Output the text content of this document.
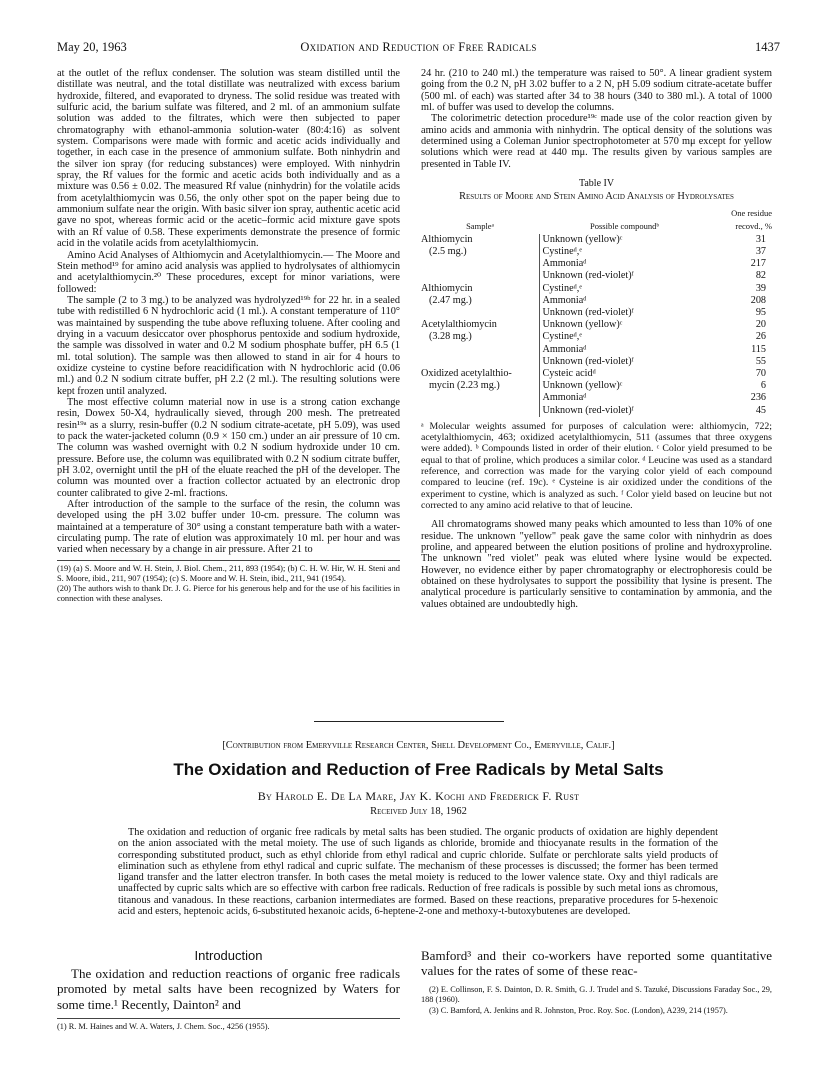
May 20, 1963	Oxidation and Reduction of Free Radicals	1437

at the outlet of the reflux condenser. The solution was steam distilled until the distillate was neutral, and the total distillate was neutralized with excess barium hydroxide, filtered, and evaporated to dryness. The solid residue was treated with sulfuric acid, the barium sulfate was filtered, and 2 ml. of an ammonium sulfate solution was added to the filtrates, which were then subjected to paper chromatography with ethanol-ammonia solution-water (80:4:16) as solvent system. Comparisons were made with formic and acetic acids individually and together, in each case in the presence of ammonium sulfate. Both ninhydrin and the silver ion spray (for reducing substances) were employed. With ninhydrin spray, the Rf values for the formic and acetic acids both individually and as a mixture was 0.56 ± 0.02. The measured Rf value (ninhydrin) for the volatile acids from acetylalthiomycin was 0.56, the only other spot on the paper being due to ammonium sulfate near the origin. With basic silver ion spray, authentic acetic acid gave no spot, whereas formic acid or the acetic–formic acid mixture gave spots with an Rf value of 0.58. These experiments demonstrate the presence of formic acid in the volatile acids from acetylalthiomycin.

Amino Acid Analyses of Althiomycin and Acetylalthiomycin.— The Moore and Stein method¹⁹ for amino acid analysis was applied to hydrolysates of althiomycin and acetylalthiomycin.²⁰ These procedures, except for minor variations, were followed:

The sample (2 to 3 mg.) to be analyzed was hydrolyzed¹⁹ᵇ for 22 hr. in a sealed tube with redistilled 6 N hydrochloric acid (1 ml.). A constant temperature of 110° was maintained by suspending the tube above refluxing toluene. After cooling and drying in a vacuum desiccator over phosphorus pentoxide and sodium hydroxide, the sample was dissolved in water and 0.2 M sodium phosphate buffer, pH 6.5 (1 ml. total solution). The sample was then allowed to stand in air for 4 hours to oxidize cysteine to cystine before reacidification with N hydrochloric acid (0.06 ml.) and 0.2 N sodium citrate buffer, pH 2.2 (2 ml.). The resulting solutions were kept frozen until analyzed.

The most effective column material now in use is a strong cation exchange resin, Dowex 50-X4, hydraulically sieved, through 200 mesh. The pretreated resin¹⁹ᵃ as a slurry, resin-buffer (0.2 N sodium citrate-acetate, pH 5.09), was used to pack the water-jacketed column (0.9 × 150 cm.) under an air pressure of 10 cm. The column was washed overnight with 0.2 N sodium hydroxide under 10 cm. pressure. Before use, the column was equilibrated with 0.2 N sodium citrate buffer, pH 3.02, overnight until the pH of the eluate reached the pH of the developer. The column was mounted over a fraction collector actuated by an electronic drop counter calibrated to give 2-ml. fractions.

After introduction of the sample to the surface of the resin, the column was developed using the pH 3.02 buffer under 10-cm. pressure. The column was maintained at a temperature of 30° using a constant temperature bath with a water-circulating pump. The rate of elution was approximately 10 ml. per hour and was varied when necessary by a change in air pressure. After 21 to

(19) (a) S. Moore and W. H. Stein, J. Biol. Chem., 211, 893 (1954); (b) C. H. W. Hir, W. H. Steni and S. Moore, ibid., 211, 907 (1954); (c) S. Moore and W. H. Stein, ibid., 211, 941 (1954).

(20) The authors wish to thank Dr. J. G. Pierce for his generous help and for the use of his facilities in connection with these analyses.

24 hr. (210 to 240 ml.) the temperature was raised to 50°. A linear gradient system going from the 0.2 N, pH 3.02 buffer to a 2 N, pH 5.09 sodium citrate-acetate buffer (500 ml. of each) was started after 34 to 38 hours (340 to 380 ml.). A total of 1000 ml. of buffer was used to develop the columns.

The colorimetric detection procedure¹⁹ᶜ made use of the color reaction given by amino acids and ammonia with ninhydrin. The optical density of the solutions was determined using a Coleman Junior spectrophotometer at 570 mμ except for yellow solutions which were read at 440 mμ. The results given by various samples are presented in Table IV.

Table IV
Results of Moore and Stein Amino Acid Analysis of Hydrolysates
Sampleᵃ	Possible compoundᵇ	One residue recovd., %
Althiomycin	Unknown (yellow)ᶜ	31
(2.5 mg.)	Cystineᵈ,ᵉ	37
	Ammoniaᵈ	217
	Unknown (red-violet)ᶠ	82
Althiomycin	Cystineᵈ,ᵉ	39
(2.47 mg.)	Ammoniaᵈ	208
	Unknown (red-violet)ᶠ	95
Acetylalthiomycin	Unknown (yellow)ᶜ	20
(3.28 mg.)	Cystineᵈ,ᵉ	26
	Ammoniaᵈ	115
	Unknown (red-violet)ᶠ	55
Oxidized acetylalthio-	Cysteic acidᵈ	70
mycin (2.23 mg.)	Unknown (yellow)ᶜ	6
	Ammoniaᵈ	236
	Unknown (red-violet)ᶠ	45
ᵃ Molecular weights assumed for purposes of calculation were: althiomycin, 722; acetylalthiomycin, 463; oxidized acetylalthiomycin, 511 (assumes that three oxygens were added). ᵇ Compounds listed in order of their elution. ᶜ Color yield presumed to be equal to that of proline, which produces a similar color. ᵈ Leucine was used as a standard reference, and correction was made for the varying color yield of each compound compared to leucine (ref. 19c). ᵉ Cysteine is air oxidized under the conditions of the experiment to cystine, which is analyzed as such. ᶠ Color yield based on leucine but not corrected to any amino acid relative to that of leucine.

All chromatograms showed many peaks which amounted to less than 10% of one residue. The unknown "yellow" peak gave the same color with ninhydrin as does proline, and appeared between the elution positions of proline and hydroxyproline. The unknown "red violet" peak was eluted where lysine would be expected. However, no evidence either by paper chromatography or electrophoresis could be obtained on these hydrolysates to support the possibility that lysine is present. The analytical procedure is particularly sensitive to contamination by ammonia, and the values obtained are undoubtedly high.

[Contribution from Emeryville Research Center, Shell Development Co., Emeryville, Calif.]
The Oxidation and Reduction of Free Radicals by Metal Salts
By Harold E. De La Mare, Jay K. Kochi and Frederick F. Rust
Received July 18, 1962
The oxidation and reduction of organic free radicals by metal salts has been studied. The organic products of oxidation are highly dependent on the anion associated with the metal moiety. The use of such ligands as chloride, bromide and thiocyanate results in the formation of the corresponding substituted product, such as ethyl chloride from ethyl radical and cupric chloride. Sulfate or perchlorate salts yield products of elimination such as ethylene from ethyl radical and cupric sulfate. The mechanism of these processes is discussed; the former has been termed ligand transfer and the latter electron transfer. In both cases the metal moiety is reduced to the lower valence state. Oxy and thiyl radicals are unaffected by cupric salts which are so effective with carbon free radicals. Reduction of free radicals is possible by such metal ions as chromous, titanous and vanadous. In these reactions, carbanion intermediates are formed. Based on these reactions, preparative procedures for 5-hexenoic acid and esters, heptenoic acids, 6-substituted hexanoic acids, 6-heptene-2-one and methoxy-t-butoxybutenes are developed.
Introduction
The oxidation and reduction reactions of organic free radicals promoted by metal salts have been recognized by Waters for some time.¹ Recently, Dainton² and
(1) R. M. Haines and W. A. Waters, J. Chem. Soc., 4256 (1955).
Bamford³ and their co-workers have reported some quantitative values for the rates of some of these reac-

(2) E. Collinson, F. S. Dainton, D. R. Smith, G. J. Trudel and S. Tazuké, Discussions Faraday Soc., 29, 188 (1960).

(3) C. Bamford, A. Jenkins and R. Johnston, Proc. Roy. Soc. (London), A239, 214 (1957).
